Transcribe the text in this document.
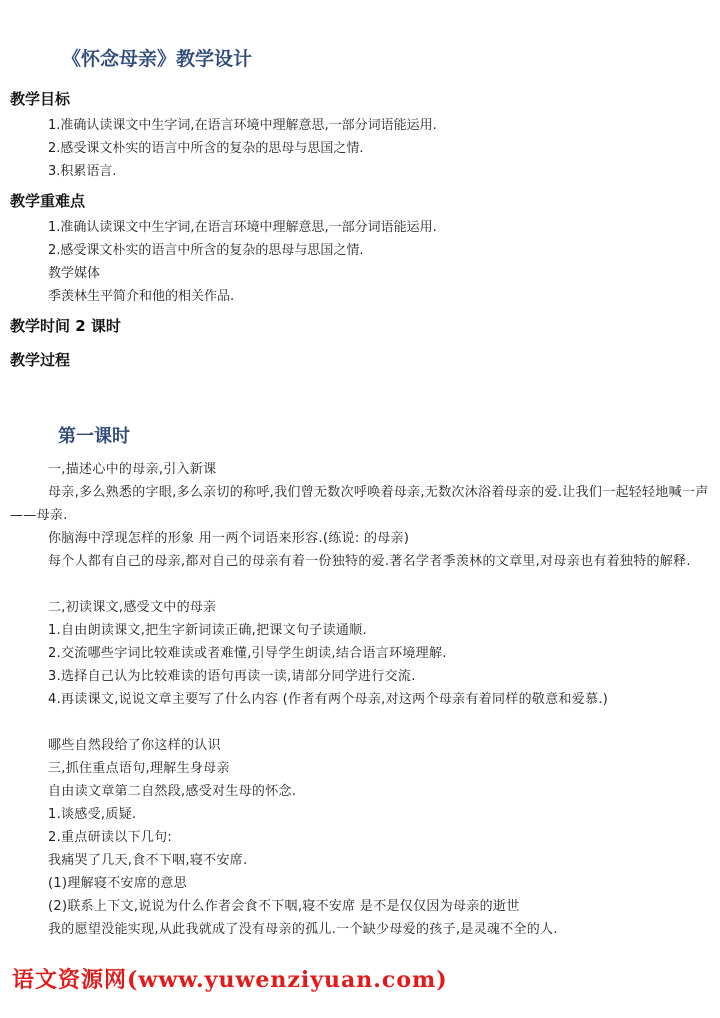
《怀念母亲》教学设计
教学目标
1.准确认读课文中生字词,在语言环境中理解意思,一部分词语能运用.
2.感受课文朴实的语言中所含的复杂的思母与思国之情.
3.积累语言.
教学重难点
1.准确认读课文中生字词,在语言环境中理解意思,一部分词语能运用.
2.感受课文朴实的语言中所含的复杂的思母与思国之情.
教学媒体
季羡林生平简介和他的相关作品.
教学时间 2 课时
教学过程
第一课时
一,描述心中的母亲,引入新课
母亲,多么熟悉的字眼,多么亲切的称呼,我们曾无数次呼唤着母亲,无数次沐浴着母亲的爱.让我们一起轻轻地喊一声——母亲.
你脑海中浮现怎样的形象 用一两个词语来形容.(练说: 的母亲)
每个人都有自己的母亲,都对自己的母亲有着一份独特的爱.著名学者季羡林的文章里,对母亲也有着独特的解释.
二,初读课文,感受文中的母亲
1.自由朗读课文,把生字新词读正确,把课文句子读通顺.
2.交流哪些字词比较难读或者难懂,引导学生朗读,结合语言环境理解.
3.选择自己认为比较难读的语句再读一读,请部分同学进行交流.
4.再读课文,说说文章主要写了什么内容 (作者有两个母亲,对这两个母亲有着同样的敬意和爱慕.)
哪些自然段给了你这样的认识
三,抓住重点语句,理解生身母亲
自由读文章第二自然段,感受对生母的怀念.
1.谈感受,质疑.
2.重点研读以下几句:
我痛哭了几天,食不下咽,寝不安席.
(1)理解寝不安席的意思
(2)联系上下文,说说为什么作者会食不下咽,寝不安席 是不是仅仅因为母亲的逝世
我的愿望没能实现,从此我就成了没有母亲的孤儿.一个缺少母爱的孩子,是灵魂不全的人.
语文资源网(www.yuwenziyuan.com)
